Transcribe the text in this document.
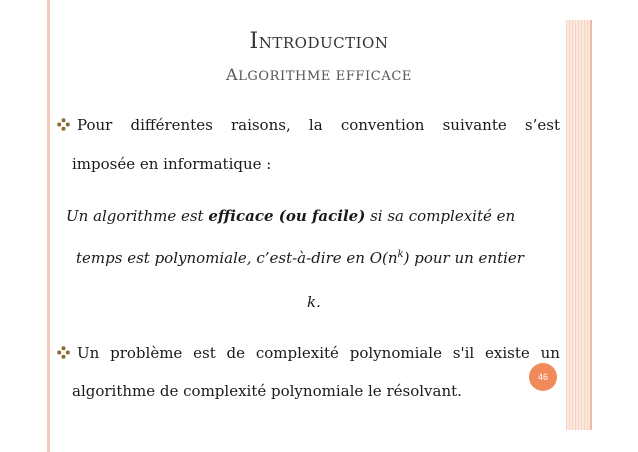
INTRODUCTION
ALGORITHME EFFICACE
Pour différentes raisons, la convention suivante s’est
imposée en informatique :
Un algorithme est efficace (ou facile) si sa complexité en
temps est polynomiale, c’est-à-dire en $O(n^k)$ pour un entier
k.
Un problème est de complexité polynomiale s'il existe un
algorithme de complexité polynomiale le résolvant.
46
